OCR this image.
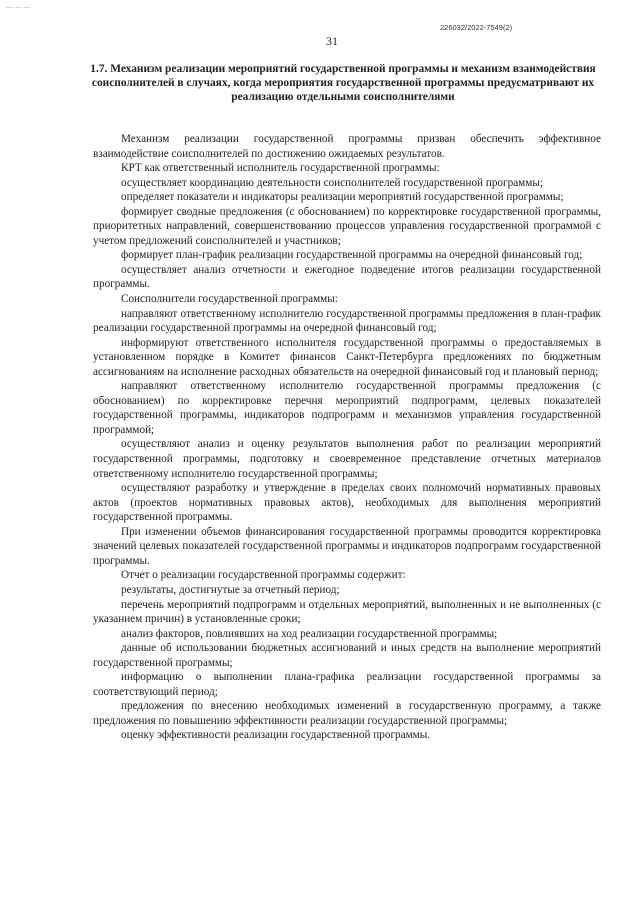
— — —
226032/2022-7549(2)
31
1.7. Механизм реализации мероприятий государственной программы и механизм взаимодействия соисполнителей в случаях, когда мероприятия государственной программы предусматривают их реализацию отдельными соисполнителями

Механизм реализации государственной программы призван обеспечить эффективное взаимодействие соисполнителей по достижению ожидаемых результатов.

КРТ как ответственный исполнитель государственной программы:

осуществляет координацию деятельности соисполнителей государственной программы;

определяет показатели и индикаторы реализации мероприятий государственной программы;

формирует сводные предложения (с обоснованием) по корректировке государственной программы, приоритетных направлений, совершенствованию процессов управления государственной программой с учетом предложений соисполнителей и участников;

формирует план-график реализации государственной программы на очередной финансовый год;

осуществляет анализ отчетности и ежегодное подведение итогов реализации государственной программы.

Соисполнители государственной программы:

направляют ответственному исполнителю государственной программы предложения в план-график реализации государственной программы на очередной финансовый год;

информируют ответственного исполнителя государственной программы о предоставляемых в установленном порядке в Комитет финансов Санкт-Петербурга предложениях по бюджетным ассигнованиям на исполнение расходных обязательств на очередной финансовый год и плановый период;

направляют ответственному исполнителю государственной программы предложения (с обоснованием) по корректировке перечня мероприятий подпрограмм, целевых показателей государственной программы, индикаторов подпрограмм и механизмов управления государственной программой;

осуществляют анализ и оценку результатов выполнения работ по реализации мероприятий государственной программы, подготовку и своевременное представление отчетных материалов ответственному исполнителю государственной программы;

осуществляют разработку и утверждение в пределах своих полномочий нормативных правовых актов (проектов нормативных правовых актов), необходимых для выполнения мероприятий государственной программы.

При изменении объемов финансирования государственной программы проводится корректировка значений целевых показателей государственной программы и индикаторов подпрограмм государственной программы.

Отчет о реализации государственной программы содержит:

результаты, достигнутые за отчетный период;

перечень мероприятий подпрограмм и отдельных мероприятий, выполненных и не выполненных (с указанием причин) в установленные сроки;

анализ факторов, повлиявших на ход реализации государственной программы;

данные об использовании бюджетных ассигнований и иных средств на выполнение мероприятий государственной программы;

информацию о выполнении плана-графика реализации государственной программы за соответствующий период;

предложения по внесению необходимых изменений в государственную программу, а также предложения по повышению эффективности реализации государственной программы;

оценку эффективности реализации государственной программы.
